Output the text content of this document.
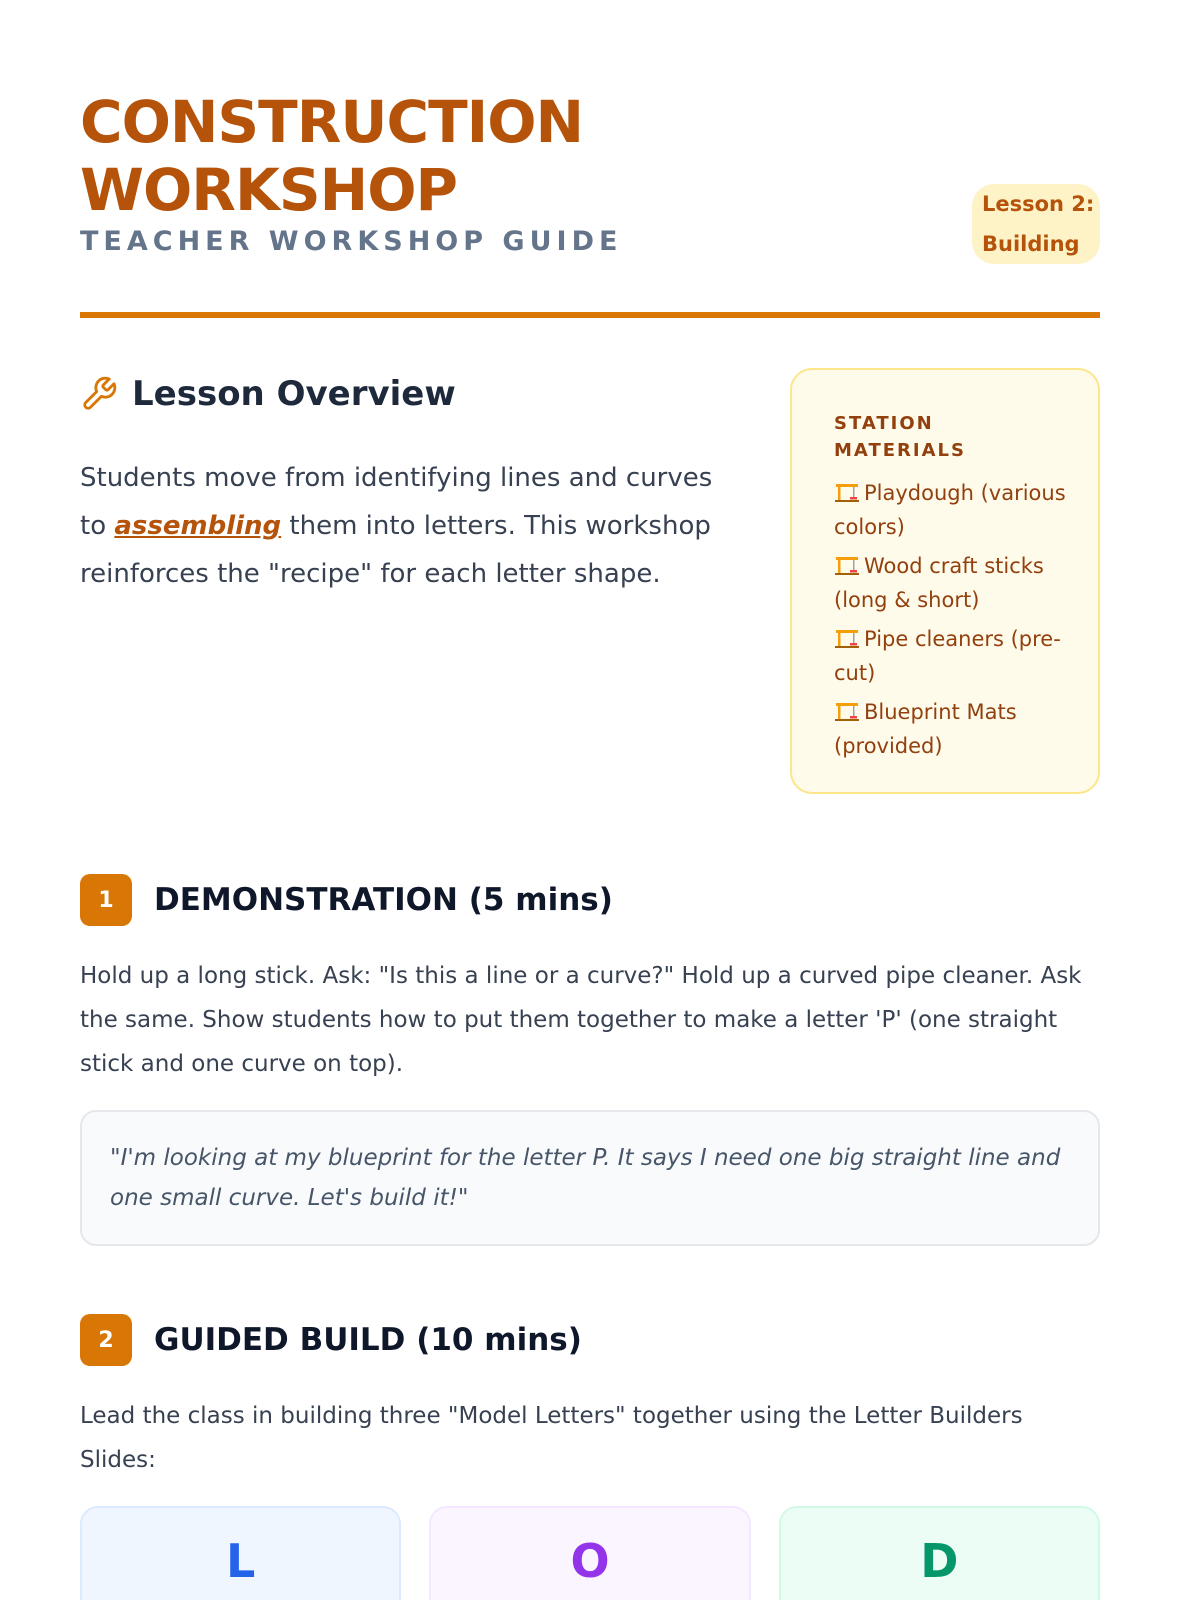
CONSTRUCTION
WORKSHOP
TEACHER WORKSHOP GUIDE
Lesson 2:
Building
Lesson Overview

Students move from identifying lines and curves to assembling them into letters. This workshop reinforces the "recipe" for each letter shape.

STATION MATERIALS
Playdough (various colors)
Wood craft sticks (long & short)
Pipe cleaners (pre-cut)
Blueprint Mats (provided)
1	DEMONSTRATION (5 mins)

Hold up a long stick. Ask: "Is this a line or a curve?" Hold up a curved pipe cleaner. Ask the same. Show students how to put them together to make a letter 'P' (one straight stick and one curve on top).

"I'm looking at my blueprint for the letter P. It says I need one big straight line and one small curve. Let's build it!"
2	GUIDED BUILD (10 mins)

Lead the class in building three "Model Letters" together using the Letter Builders Slides:

L	O	D
